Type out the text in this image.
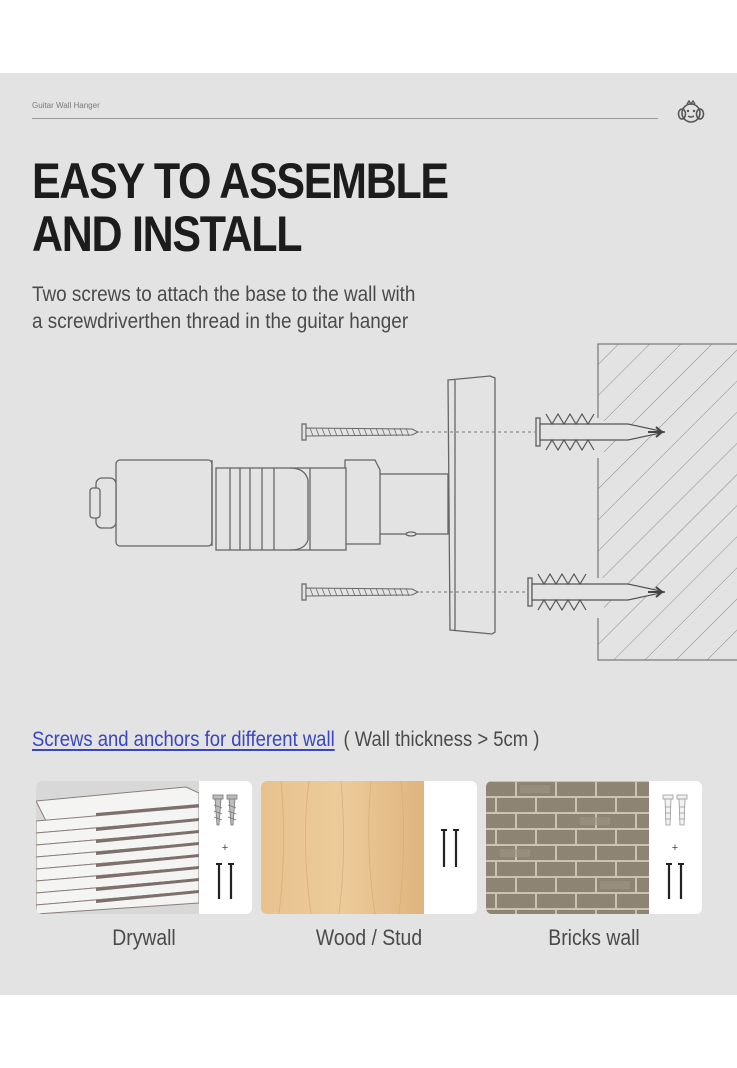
Guitar Wall Hanger
EASY TO ASSEMBLE
AND INSTALL
Two screws to attach the base to the wall with
a screwdriverthen thread in the guitar hanger
Screws and anchors for different wall ( Wall thickness > 5cm )
+	+
Drywall	Wood / Stud	Bricks wall
